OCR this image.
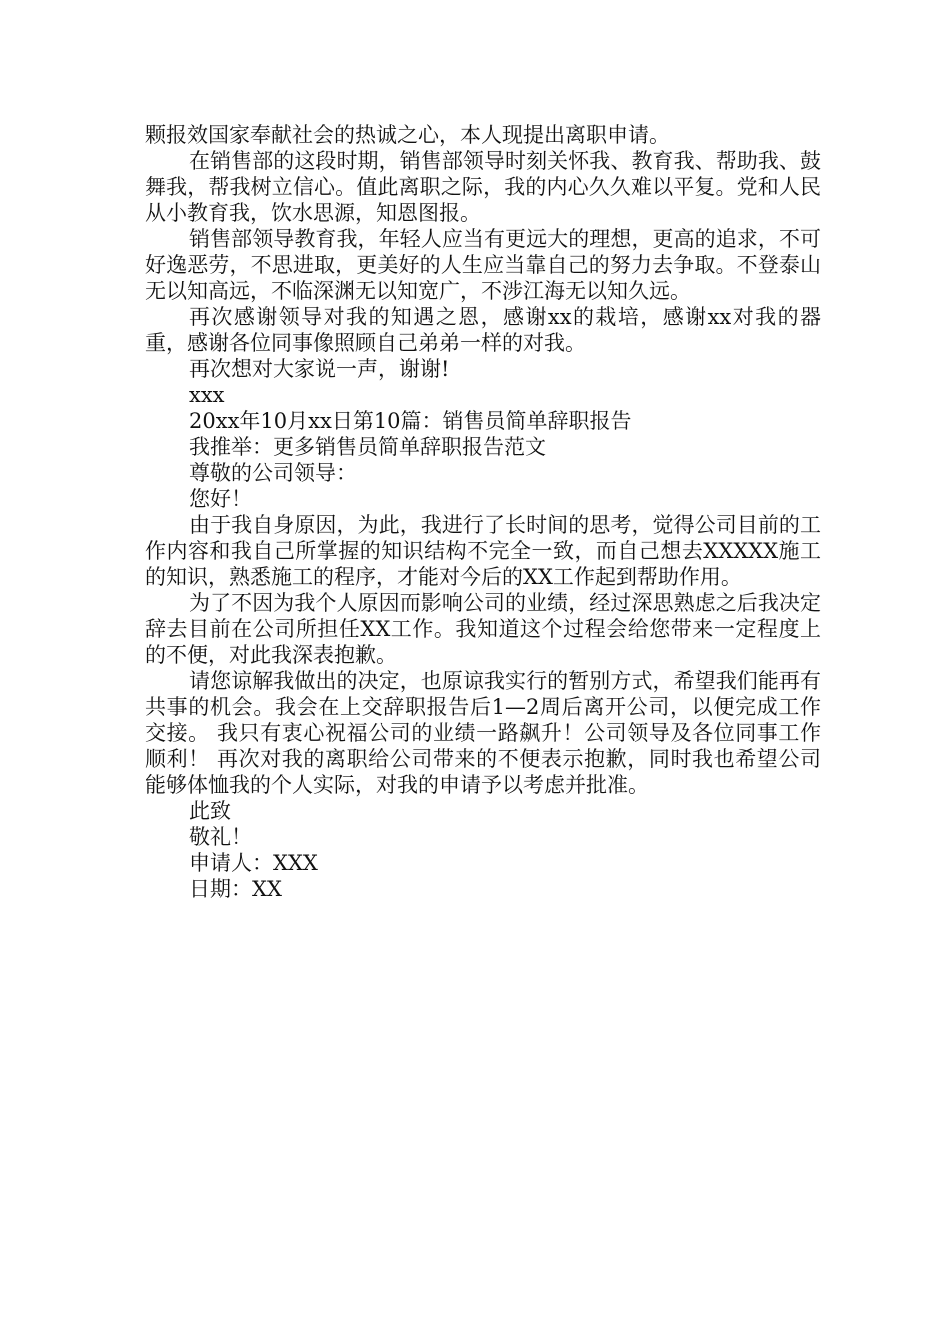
颗报效国家奉献社会的热诚之心，本人现提出离职申请。

在销售部的这段时期，销售部领导时刻关怀我、教育我、帮助我、鼓舞我，帮我树立信心。值此离职之际，我的内心久久难以平复。党和人民从小教育我，饮水思源，知恩图报。

销售部领导教育我，年轻人应当有更远大的理想，更高的追求，不可好逸恶劳，不思进取，更美好的人生应当靠自己的努力去争取。不登泰山无以知高远，不临深渊无以知宽广，不涉江海无以知久远。

再次感谢领导对我的知遇之恩，感谢xx的栽培，感谢xx对我的器重，感谢各位同事像照顾自己弟弟一样的对我。

再次想对大家说一声，谢谢!

xxx

20xx年10月xx日第10篇：销售员简单辞职报告

我推举：更多销售员简单辞职报告范文

尊敬的公司领导：

您好！

由于我自身原因，为此，我进行了长时间的思考，觉得公司目前的工作内容和我自己所掌握的知识结构不完全一致，而自己想去XXXXX施工的知识，熟悉施工的程序，才能对今后的XX工作起到帮助作用。

为了不因为我个人原因而影响公司的业绩，经过深思熟虑之后我决定辞去目前在公司所担任XX工作。我知道这个过程会给您带来一定程度上的不便，对此我深表抱歉。

请您谅解我做出的决定，也原谅我实行的暂别方式，希望我们能再有共事的机会。我会在上交辞职报告后1—2周后离开公司，以便完成工作交接。 我只有衷心祝福公司的业绩一路飙升！公司领导及各位同事工作顺利！ 再次对我的离职给公司带来的不便表示抱歉，同时我也希望公司能够体恤我的个人实际，对我的申请予以考虑并批准。

此致

敬礼！

申请人：XXX

日期：XX
